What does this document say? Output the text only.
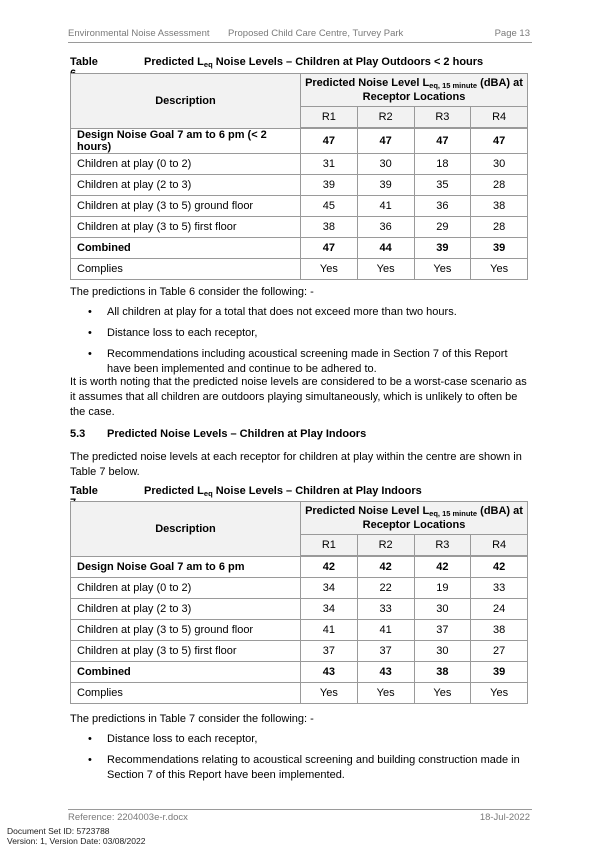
Environmental Noise Assessment Proposed Child Care Centre, Turvey Park	Page 13
Table	Predicted $L_{eq}$ Noise Levels – Children at Play Outdoors < 2 hours
Description	Predicted Noise Level $L_{eq, 15 minute}$ (dBA) at
Receptor Locations			
	R1	R2	R3	R4
Design Noise Goal 7 am to 6 pm (< 2 hours)	47	47	47	47
Children at play (0 to 2)	31	30	18	30
Children at play (2 to 3)	39	39	35	28
Children at play (3 to 5) ground floor	45	41	36	38
Children at play (3 to 5) first floor	38	36	29	28
Combined	47	44	39	39
Complies	Yes	Yes	Yes	Yes
The predictions in Table 6 consider the following: -
• All children at play for a total that does not exceed more than two hours.
• Distance loss to each receptor,
• Recommendations including acoustical screening made in Section 7 of this Report have been implemented and continue to be adhered to.
It is worth noting that the predicted noise levels are considered to be a worst-case scenario as it assumes that all children are outdoors playing simultaneously, which is unlikely to often be the case.
5.3 Predicted Noise Levels – Children at Play Indoors
The predicted noise levels at each receptor for children at play within the centre are shown in Table 7 below.
Table	Predicted $L_{eq}$ Noise Levels – Children at Play Indoors
Description	Predicted Noise Level $L_{eq, 15 minute}$ (dBA) at
Receptor Locations			
	R1	R2	R3	R4
Design Noise Goal 7 am to 6 pm	42	42	42	42
Children at play (0 to 2)	34	22	19	33
Children at play (2 to 3)	34	33	30	24
Children at play (3 to 5) ground floor	41	41	37	38
Children at play (3 to 5) first floor	37	37	30	27
Combined	43	43	38	39
Complies	Yes	Yes	Yes	Yes
The predictions in Table 7 consider the following: -
• Distance loss to each receptor,
• Recommendations relating to acoustical screening and building construction made in Section 7 of this Report have been implemented.
Reference: 2204003e-r.docx	18-Jul-2022
Document Set ID: 5723788
Version: 1, Version Date: 03/08/2022
